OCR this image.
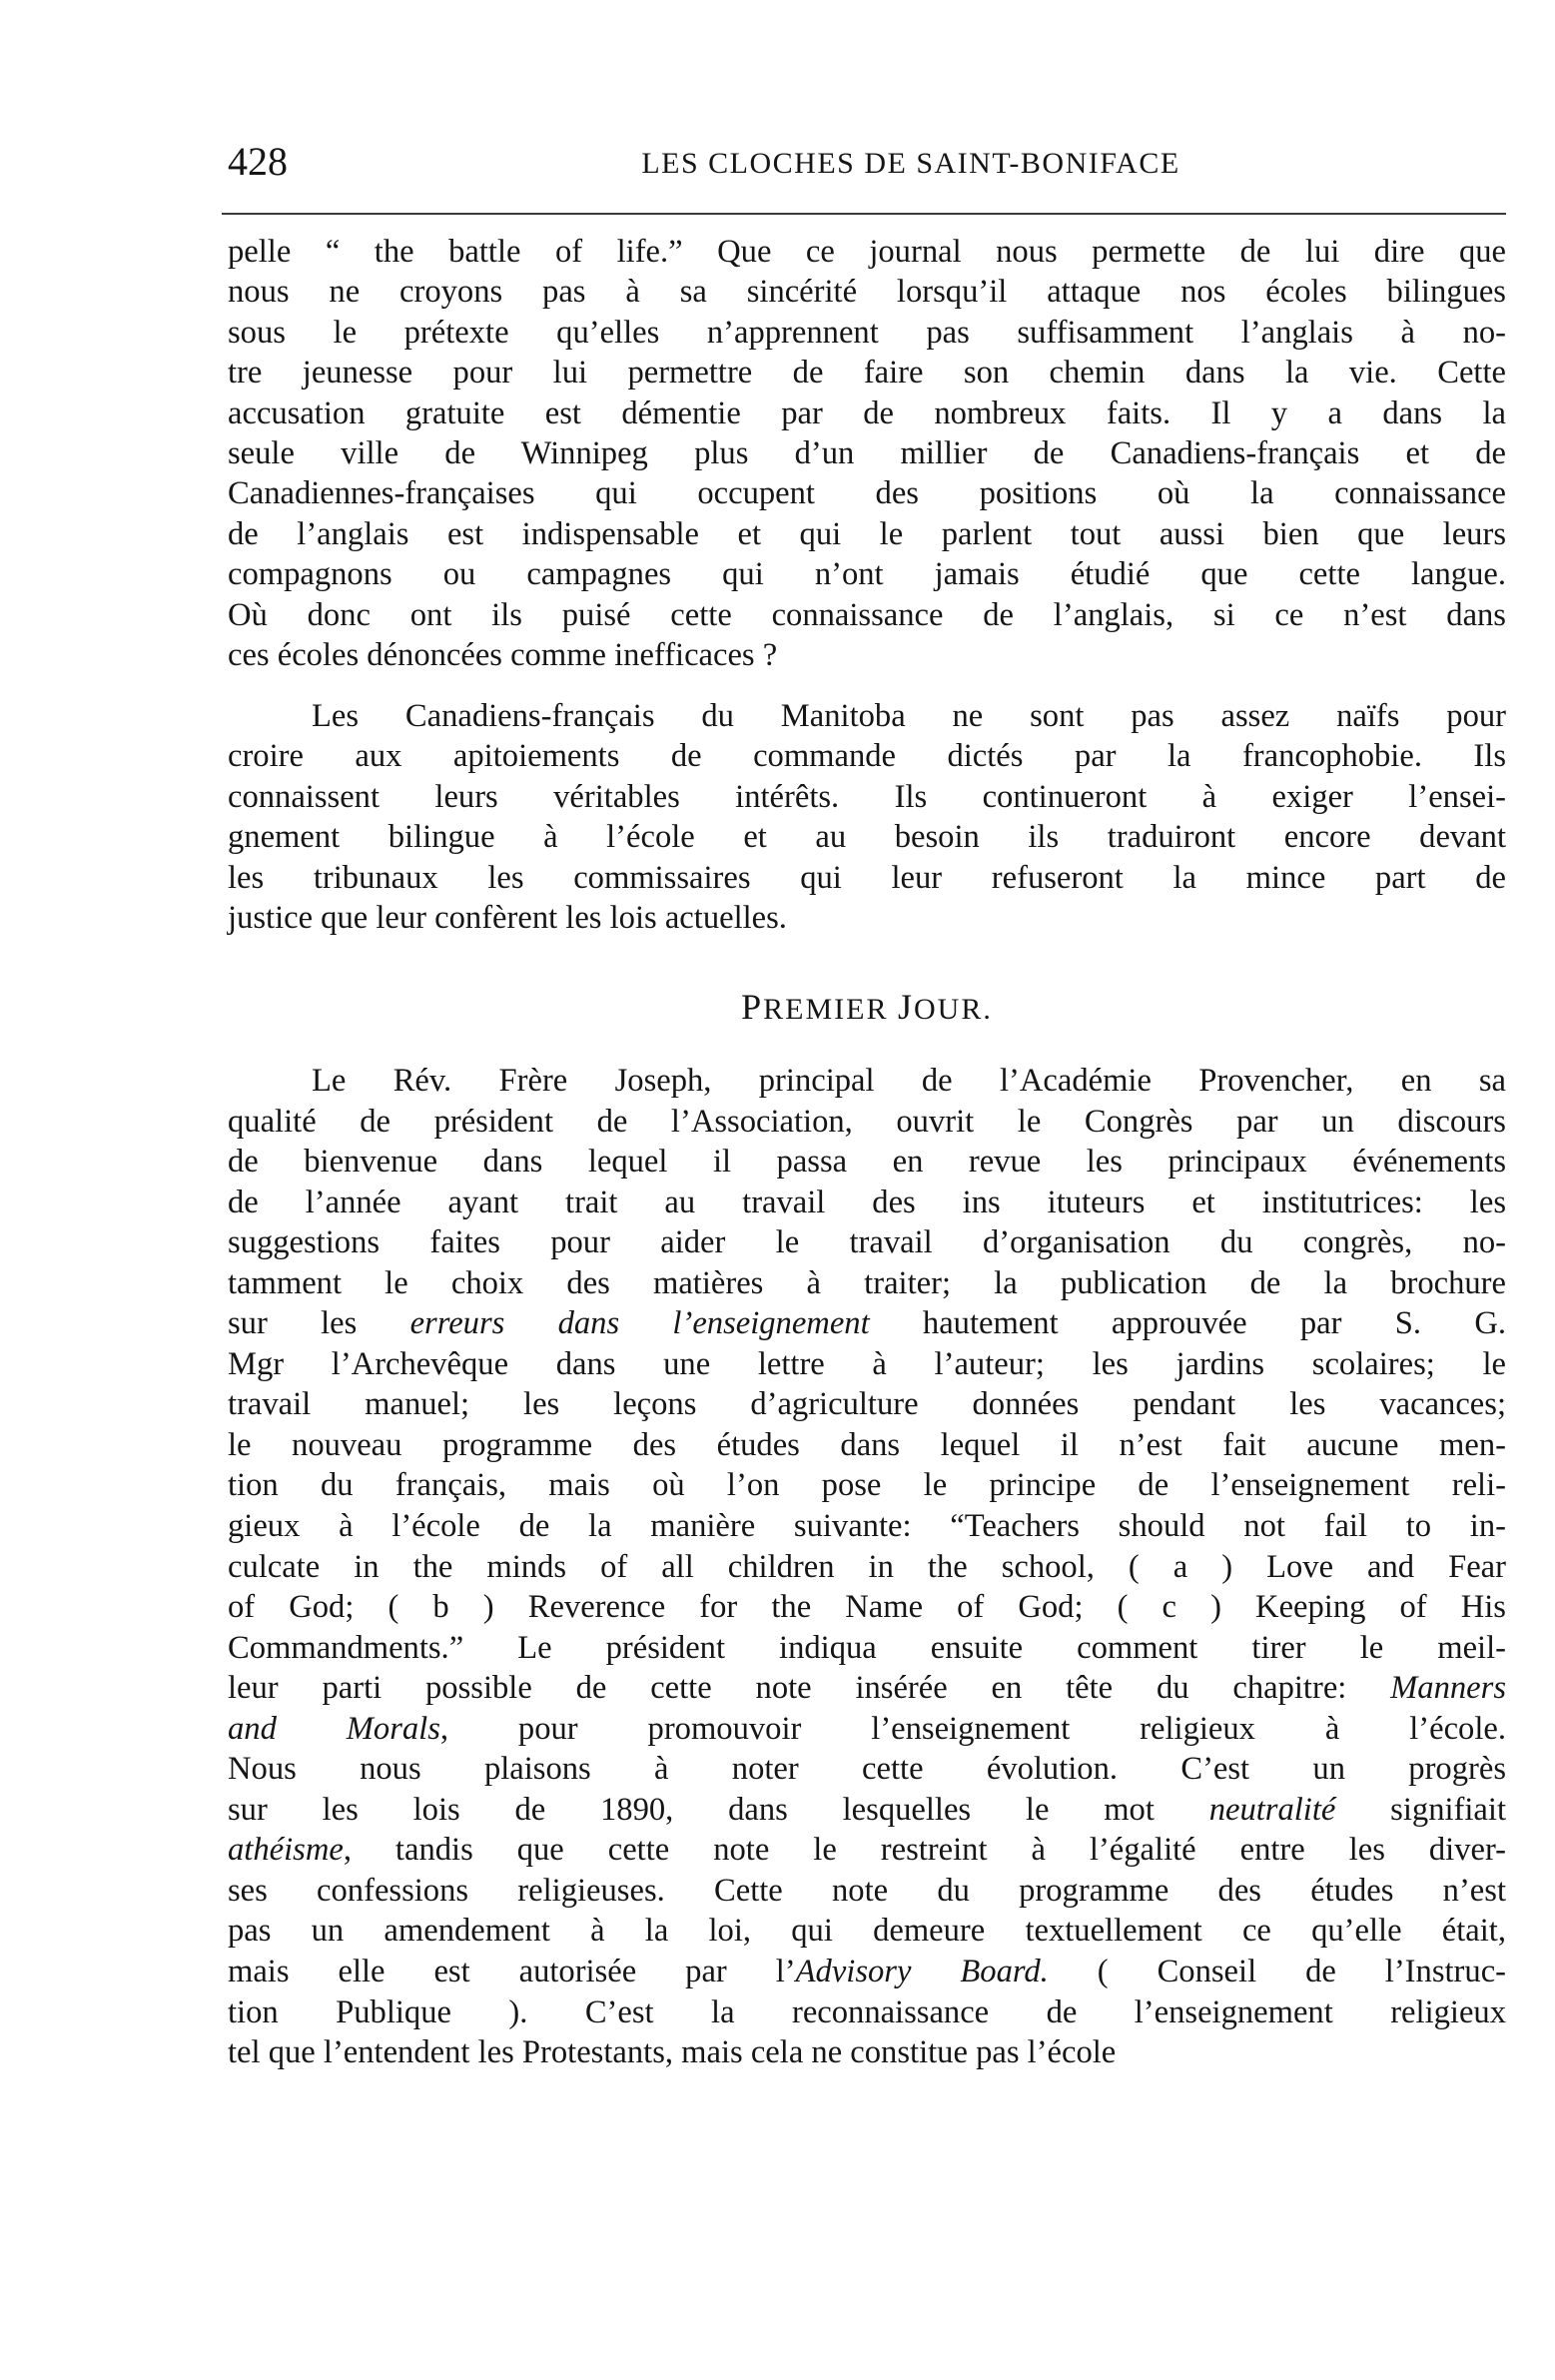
428	LES CLOCHES DE SAINT-BONIFACE
pelle “ the battle of life.” Que ce journal nous permette de lui dire que
nous ne croyons pas à sa sincérité lorsqu’il attaque nos écoles bilingues
sous le prétexte qu’elles n’apprennent pas suffisamment l’anglais à no-
tre jeunesse pour lui permettre de faire son chemin dans la vie. Cette
accusation gratuite est démentie par de nombreux faits. Il y a dans la
seule ville de Winnipeg plus d’un millier de Canadiens-français et de
Canadiennes-françaises qui occupent des positions où la connaissance
de l’anglais est indispensable et qui le parlent tout aussi bien que leurs
compagnons ou campagnes qui n’ont jamais étudié que cette langue.
Où donc ont ils puisé cette connaissance de l’anglais, si ce n’est dans
ces écoles dénoncées comme inefficaces ?
Les Canadiens-français du Manitoba ne sont pas assez naïfs pour
croire aux apitoiements de commande dictés par la francophobie. Ils
connaissent leurs véritables intérêts. Ils continueront à exiger l’ensei-
gnement bilingue à l’école et au besoin ils traduiront encore devant
les tribunaux les commissaires qui leur refuseront la mince part de
justice que leur confèrent les lois actuelles.
PREMIER JOUR.
Le Rév. Frère Joseph, principal de l’Académie Provencher, en sa
qualité de président de l’Association, ouvrit le Congrès par un discours
de bienvenue dans lequel il passa en revue les principaux événements
de l’année ayant trait au travail des ins ituteurs et institutrices: les
suggestions faites pour aider le travail d’organisation du congrès, no-
tamment le choix des matières à traiter; la publication de la brochure
sur les erreurs dans l’enseignement hautement approuvée par S. G.
Mgr l’Archevêque dans une lettre à l’auteur; les jardins scolaires; le
travail manuel; les leçons d’agriculture données pendant les vacances;
le nouveau programme des études dans lequel il n’est fait aucune men-
tion du français, mais où l’on pose le principe de l’enseignement reli-
gieux à l’école de la manière suivante: “Teachers should not fail to in-
culcate in the minds of all children in the school, ( a ) Love and Fear
of God; ( b ) Reverence for the Name of God; ( c ) Keeping of His
Commandments.” Le président indiqua ensuite comment tirer le meil-
leur parti possible de cette note insérée en tête du chapitre: Manners
and Morals, pour promouvoir l’enseignement religieux à l’école.
Nous nous plaisons à noter cette évolution. C’est un progrès
sur les lois de 1890, dans lesquelles le mot neutralité signifiait
athéisme, tandis que cette note le restreint à l’égalité entre les diver-
ses confessions religieuses. Cette note du programme des études n’est
pas un amendement à la loi, qui demeure textuellement ce qu’elle était,
mais elle est autorisée par l’Advisory Board. ( Conseil de l’Instruc-
tion Publique ). C’est la reconnaissance de l’enseignement religieux
tel que l’entendent les Protestants, mais cela ne constitue pas l’école
